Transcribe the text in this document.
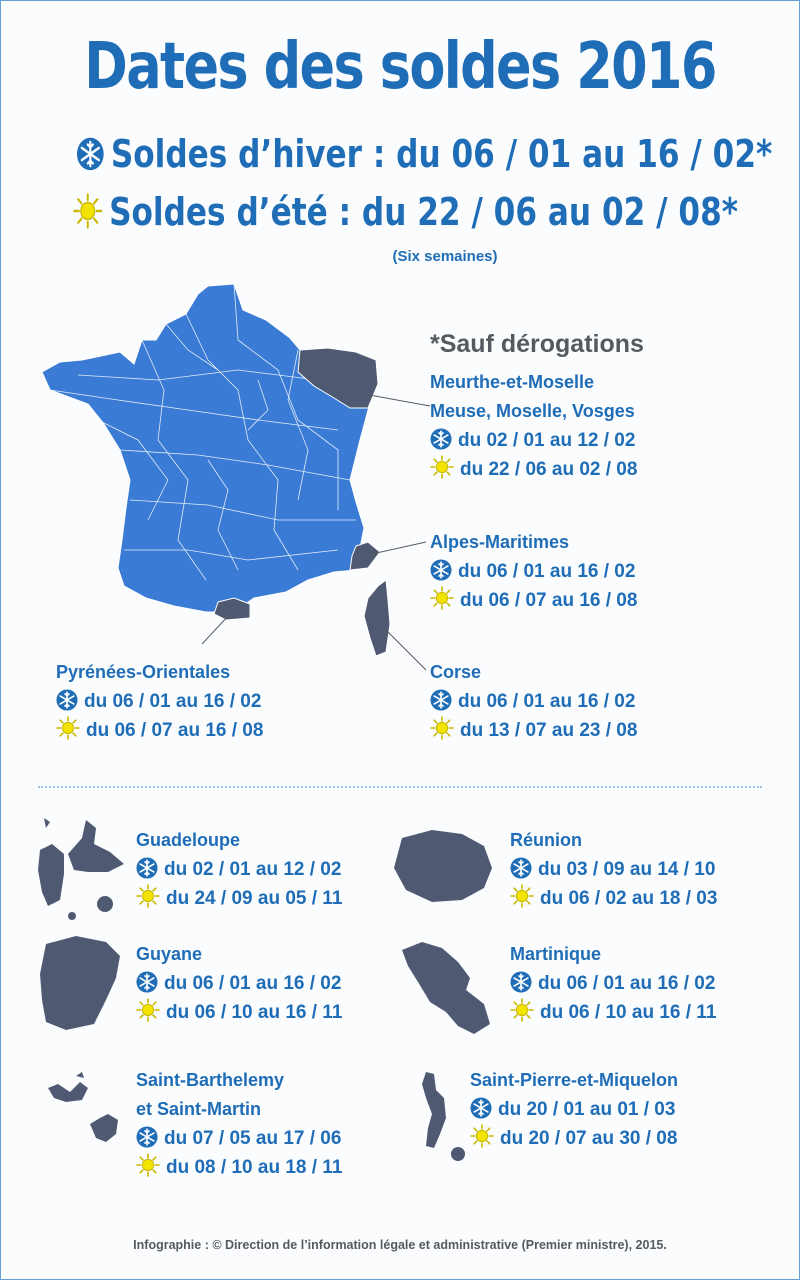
Dates des soldes 2016
Soldes d’hiver : du 06 / 01 au 16 / 02*
Soldes d’été : du 22 / 06 au 02 / 08*
(Six semaines)
*Sauf dérogations
Meurthe-et-Moselle
Meuse, Moselle, Vosges
du 02 / 01 au 12 / 02
du 22 / 06 au 02 / 08
Alpes-Maritimes
du 06 / 01 au 16 / 02
du 06 / 07 au 16 / 08
Pyrénées-Orientales
du 06 / 01 au 16 / 02
du 06 / 07 au 16 / 08
Corse
du 06 / 01 au 16 / 02
du 13 / 07 au 23 / 08
Guadeloupe
du 02 / 01 au 12 / 02
du 24 / 09 au 05 / 11
Réunion
du 03 / 09 au 14 / 10
du 06 / 02 au 18 / 03
Guyane
du 06 / 01 au 16 / 02
du 06 / 10 au 16 / 11
Martinique
du 06 / 01 au 16 / 02
du 06 / 10 au 16 / 11
Saint-Barthelemy
et Saint-Martin
du 07 / 05 au 17 / 06
du 08 / 10 au 18 / 11
Saint-Pierre-et-Miquelon
du 20 / 01 au 01 / 03
du 20 / 07 au 30 / 08
Infographie : © Direction de l’information légale et administrative (Premier ministre), 2015.
